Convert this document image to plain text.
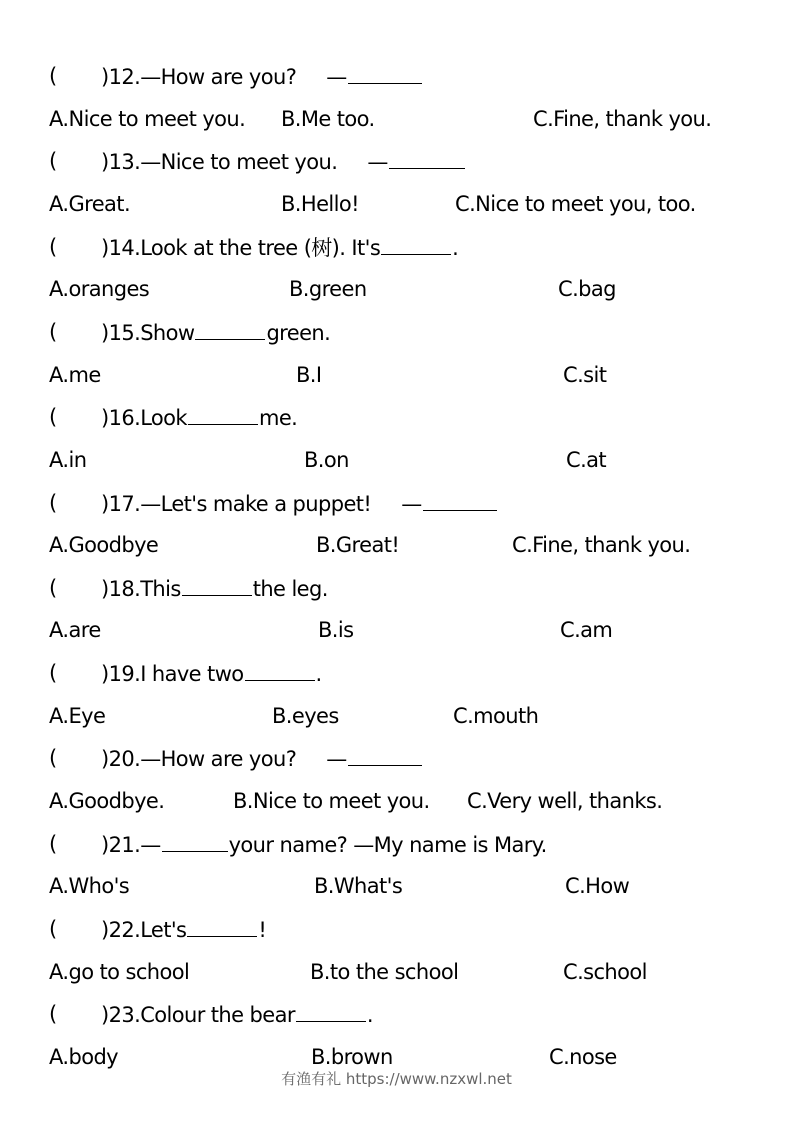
( )12.—How are you? —
A.Nice to meet you. B.Me too.	C.Fine, thank you.
( )13.—Nice to meet you. —
A.Great.	B.Hello!	C.Nice to meet you, too.
( )14.Look at the tree (树). It's	.
A.oranges	B.green	C.bag
( )15.Show	green.
A.me	B.I	C.sit
( )16.Look	me.
A.in	B.on	C.at
( )17.—Let's make a puppet! —
A.Goodbye	B.Great!	C.Fine, thank you.
( )18.This	the leg.
A.are	B.is	C.am
( )19.I have two	.
A.Eye	B.eyes	C.mouth
( )20.—How are you? —
A.Goodbye.	B.Nice to meet you. C.Very well, thanks.
( )21.—	your name? —My name is Mary.
A.Who's	B.What's	C.How
( )22.Let's	!
A.go to school	B.to the school	C.school
( )23.Colour the bear	.
A.body	B.brown	C.nose
有渔有礼 https://www.nzxwl.net
